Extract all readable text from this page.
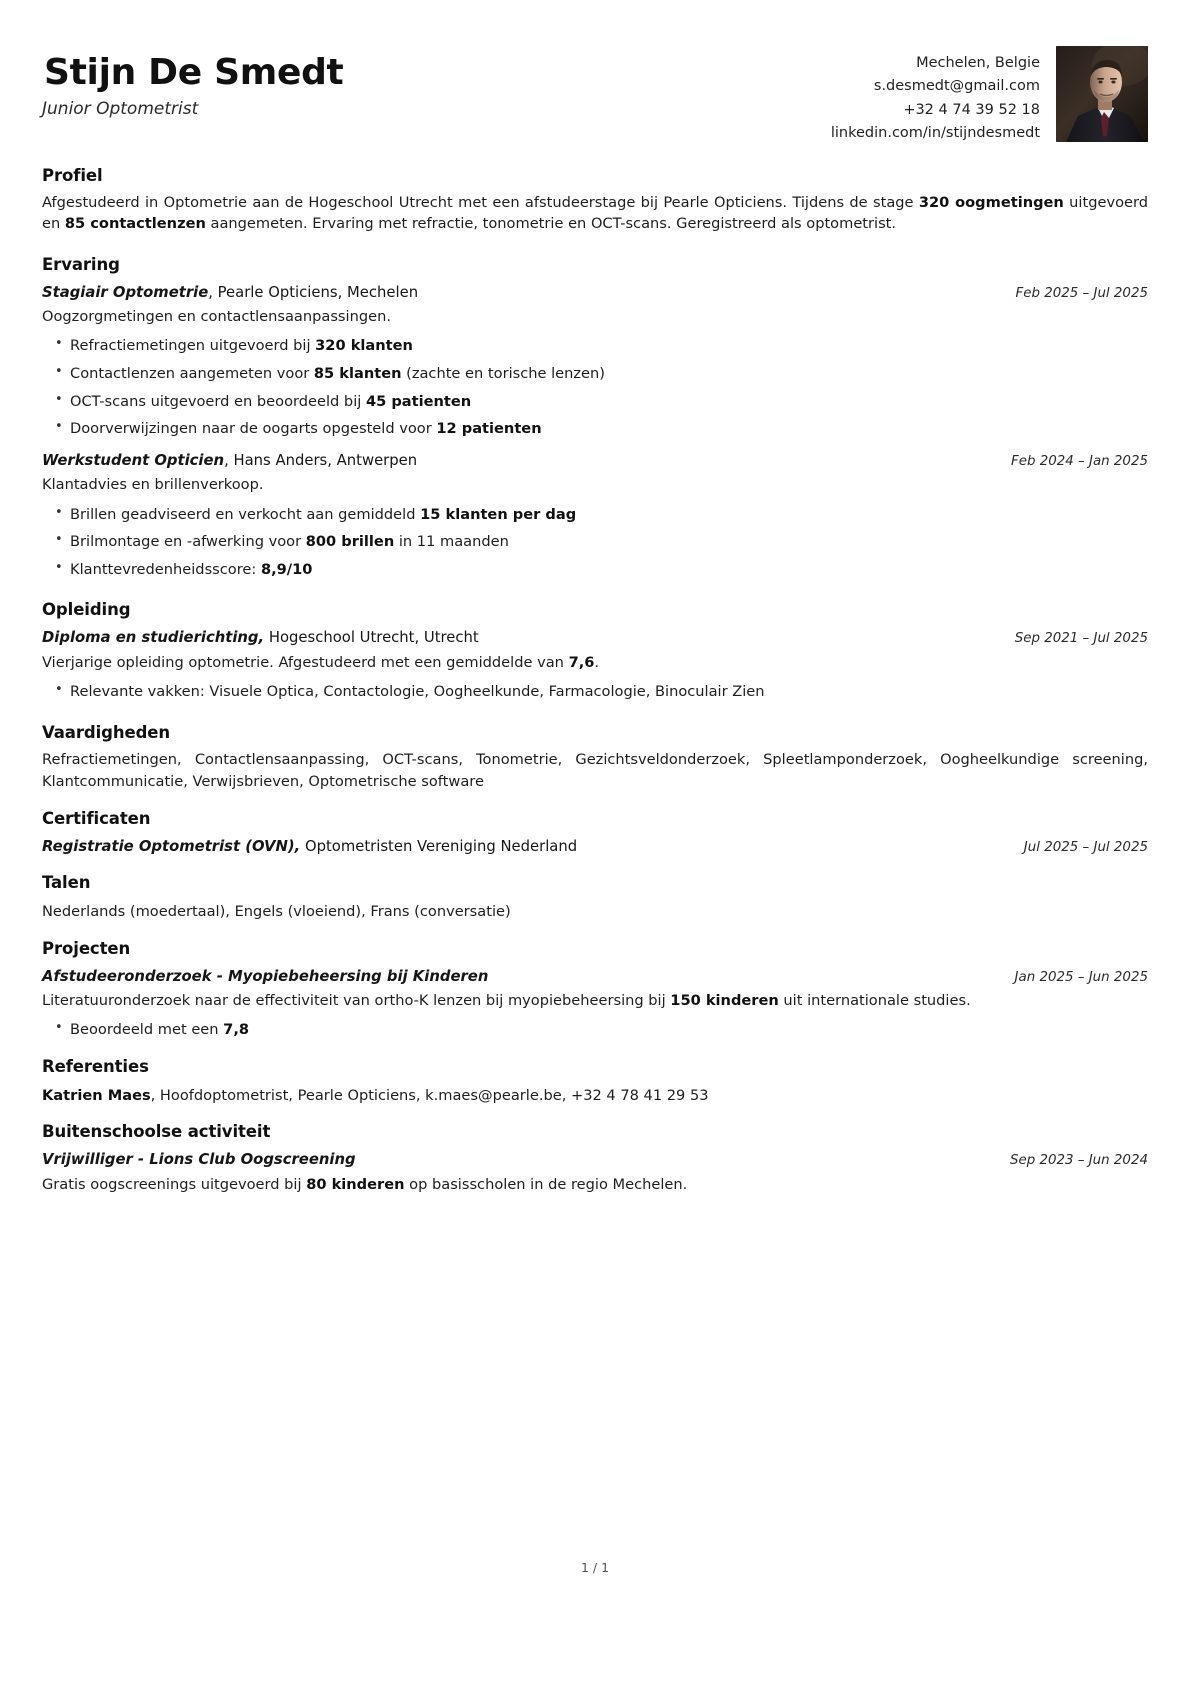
Stijn De Smedt
Junior Optometrist
Mechelen, Belgie
s.desmedt@gmail.com
+32 4 74 39 52 18
linkedin.com/in/stijndesmedt
Profiel

Afgestudeerd in Optometrie aan de Hogeschool Utrecht met een afstudeerstage bij Pearle Opticiens. Tijdens de stage 320 oogmetingen uitgevoerd en 85 contactlenzen aangemeten. Ervaring met refractie, tonometrie en OCT-scans. Geregistreerd als optometrist.

Ervaring
Stagiair Optometrie, Pearle Opticiens, Mechelen	Feb 2025 – Jul 2025
Oogzorgmetingen en contactlensaanpassingen.
• Refractiemetingen uitgevoerd bij 320 klanten
• Contactlenzen aangemeten voor 85 klanten (zachte en torische lenzen)
• OCT-scans uitgevoerd en beoordeeld bij 45 patienten
• Doorverwijzingen naar de oogarts opgesteld voor 12 patienten
Werkstudent Opticien, Hans Anders, Antwerpen	Feb 2024 – Jan 2025
Klantadvies en brillenverkoop.
• Brillen geadviseerd en verkocht aan gemiddeld 15 klanten per dag
• Brilmontage en -afwerking voor 800 brillen in 11 maanden
• Klanttevredenheidsscore: 8,9/10
Opleiding
Diploma en studierichting, Hogeschool Utrecht, Utrecht	Sep 2021 – Jul 2025
Vierjarige opleiding optometrie. Afgestudeerd met een gemiddelde van 7,6.
• Relevante vakken: Visuele Optica, Contactologie, Oogheelkunde, Farmacologie, Binoculair Zien
Vaardigheden
Refractiemetingen, Contactlensaanpassing, OCT-scans, Tonometrie, Gezichtsveldonderzoek, Spleetlamponderzoek, Oogheelkundige screening, Klantcommunicatie, Verwijsbrieven, Optometrische software
Certificaten
Registratie Optometrist (OVN), Optometristen Vereniging Nederland	Jul 2025 – Jul 2025
Talen
Nederlands (moedertaal), Engels (vloeiend), Frans (conversatie)
Projecten
Afstudeeronderzoek - Myopiebeheersing bij Kinderen	Jan 2025 – Jun 2025
Literatuuronderzoek naar de effectiviteit van ortho-K lenzen bij myopiebeheersing bij 150 kinderen uit internationale studies.
• Beoordeeld met een 7,8
Referenties
Katrien Maes, Hoofdoptometrist, Pearle Opticiens, k.maes@pearle.be, +32 4 78 41 29 53
Buitenschoolse activiteit
Vrijwilliger - Lions Club Oogscreening	Sep 2023 – Jun 2024
Gratis oogscreenings uitgevoerd bij 80 kinderen op basisscholen in de regio Mechelen.
1 / 1
